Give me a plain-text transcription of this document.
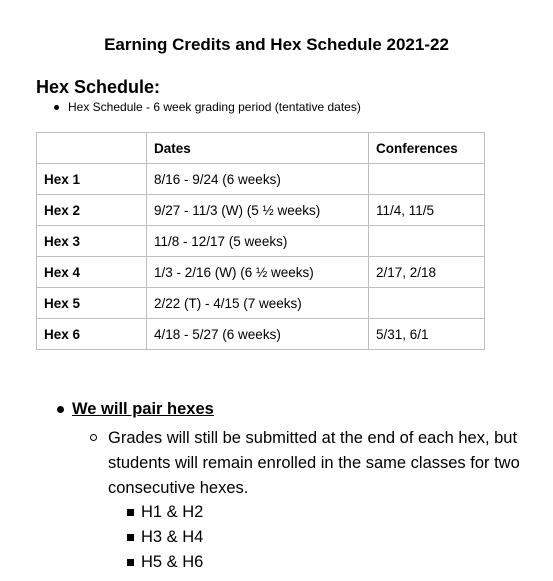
Earning Credits and Hex Schedule 2021-22
Hex Schedule:
Hex Schedule - 6 week grading period (tentative dates)
	Dates	Conferences
Hex 1	8/16 - 9/24 (6 weeks)	
Hex 2	9/27 - 11/3 (W) (5 ½ weeks)	11/4, 11/5
Hex 3	11/8 - 12/17 (5 weeks)	
Hex 4	1/3 - 2/16 (W) (6 ½ weeks)	2/17, 2/18
Hex 5	2/22 (T) - 4/15 (7 weeks)	
Hex 6	4/18 - 5/27 (6 weeks)	5/31, 6/1
We will pair hexes
Grades will still be submitted at the end of each hex, but students will remain enrolled in the same classes for two consecutive hexes.
H1 & H2
H3 & H4
H5 & H6
